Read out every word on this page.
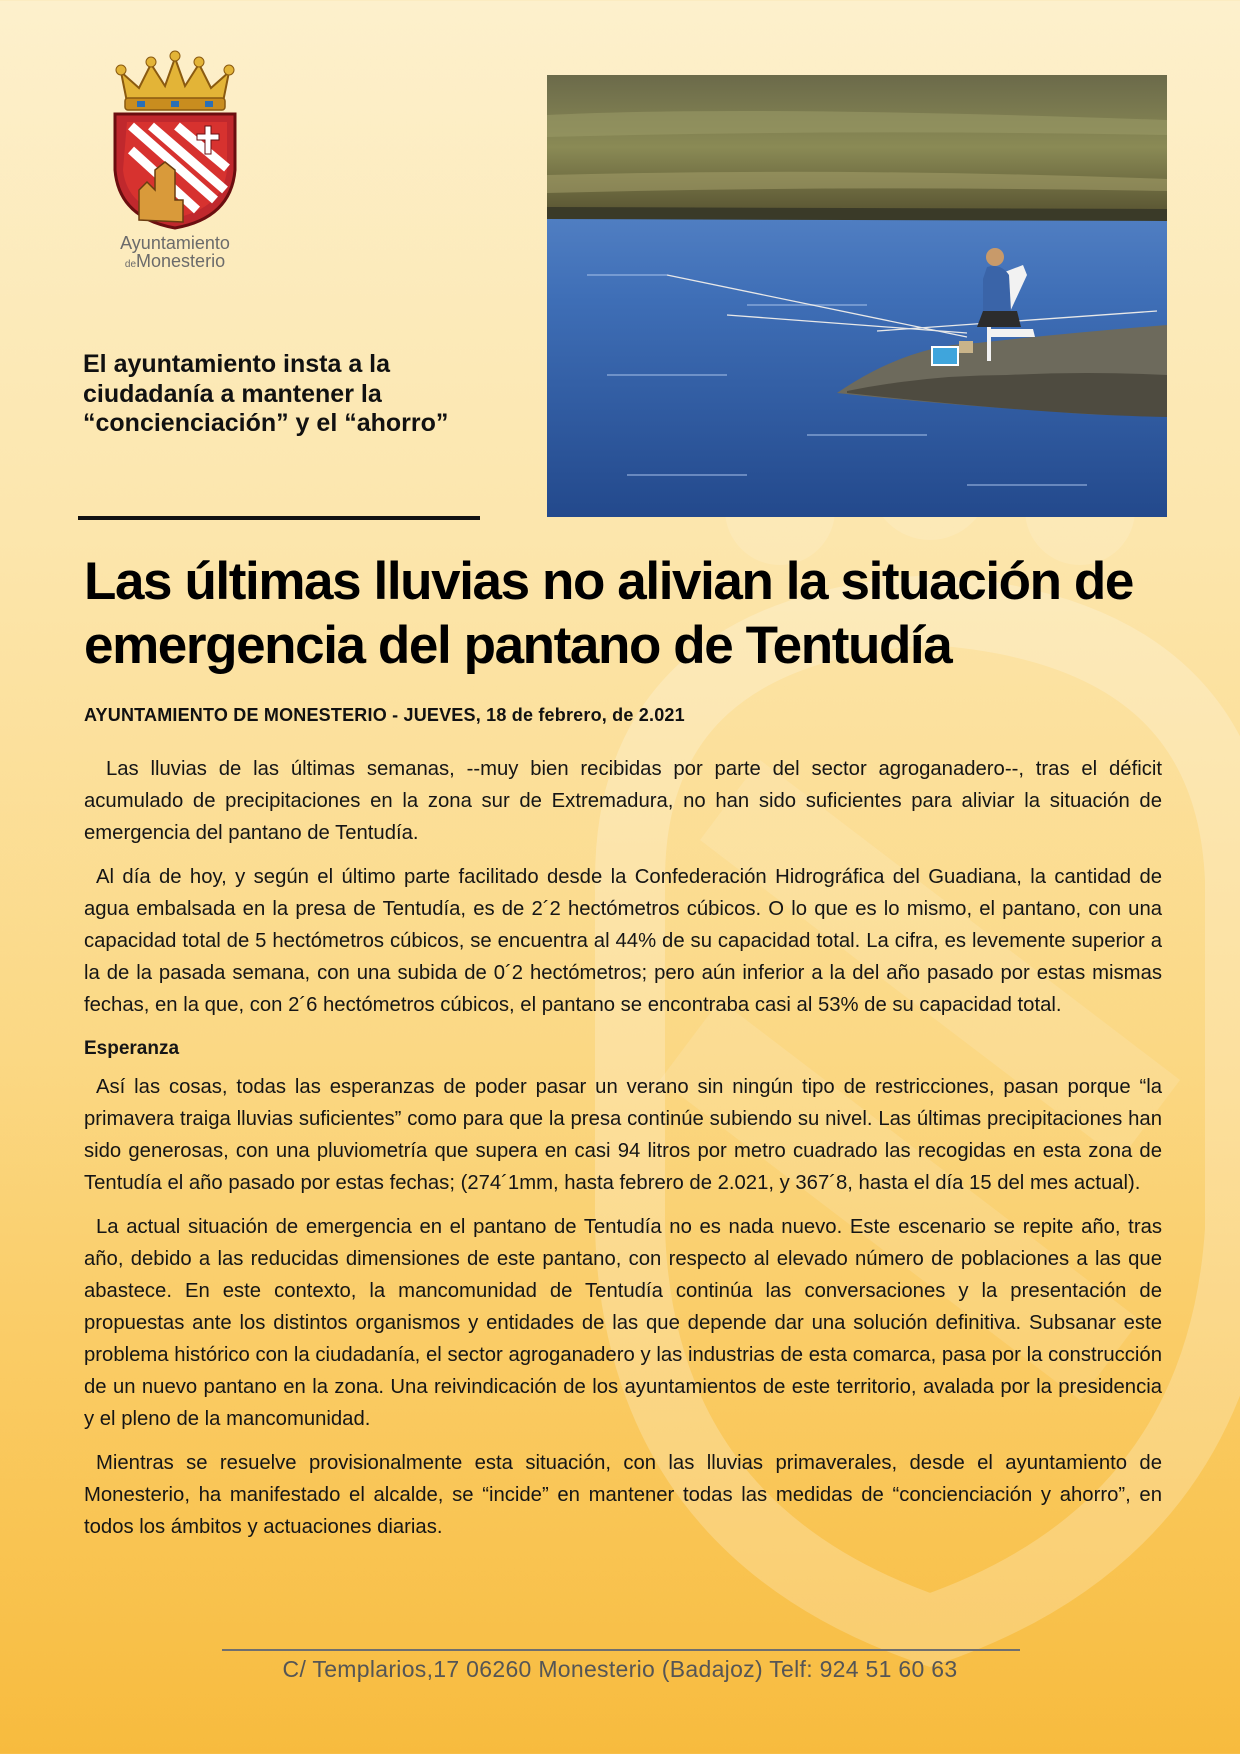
Ayuntamiento
deMonesterio
El ayuntamiento insta a la ciudadanía a mantener la “concienciación” y el “ahorro”
Las últimas lluvias no alivian la situación de emergencia del pantano de Tentudía
AYUNTAMIENTO DE MONESTERIO - JUEVES, 18 de febrero, de 2.021

Las lluvias de las últimas semanas, --muy bien recibidas por parte del sector agroganadero--, tras el déficit acumulado de precipitaciones en la zona sur de Extremadura, no han sido suficientes para aliviar la situación de emergencia del pantano de Tentudía.

Al día de hoy, y según el último parte facilitado desde la Confederación Hidrográfica del Guadiana, la cantidad de agua embalsada en la presa de Tentudía, es de 2´2 hectómetros cúbicos. O lo que es lo mismo, el pantano, con una capacidad total de 5 hectómetros cúbicos, se encuentra al 44% de su capacidad total. La cifra, es levemente superior a la de la pasada semana, con una subida de 0´2 hectómetros; pero aún inferior a la del año pasado por estas mismas fechas, en la que, con 2´6 hectómetros cúbicos, el pantano se encontraba casi al 53% de su capacidad total.

Esperanza

Así las cosas, todas las esperanzas de poder pasar un verano sin ningún tipo de restricciones, pasan porque “la primavera traiga lluvias suficientes” como para que la presa continúe subiendo su nivel. Las últimas precipitaciones han sido generosas, con una pluviometría que supera en casi 94 litros por metro cuadrado las recogidas en esta zona de Tentudía el año pasado por estas fechas; (274´1mm, hasta febrero de 2.021, y 367´8, hasta el día 15 del mes actual).

La actual situación de emergencia en el pantano de Tentudía no es nada nuevo. Este escenario se repite año, tras año, debido a las reducidas dimensiones de este pantano, con respecto al elevado número de poblaciones a las que abastece. En este contexto, la mancomunidad de Tentudía continúa las conversaciones y la presentación de propuestas ante los distintos organismos y entidades de las que depende dar una solución definitiva. Subsanar este problema histórico con la ciudadanía, el sector agroganadero y las industrias de esta comarca, pasa por la construcción de un nuevo pantano en la zona. Una reivindicación de los ayuntamientos de este territorio, avalada por la presidencia y el pleno de la mancomunidad.

Mientras se resuelve provisionalmente esta situación, con las lluvias primaverales, desde el ayuntamiento de Monesterio, ha manifestado el alcalde, se “incide” en mantener todas las medidas de “concienciación y ahorro”, en todos los ámbitos y actuaciones diarias.

C/ Templarios,17 06260 Monesterio (Badajoz) Telf: 924 51 60 63
